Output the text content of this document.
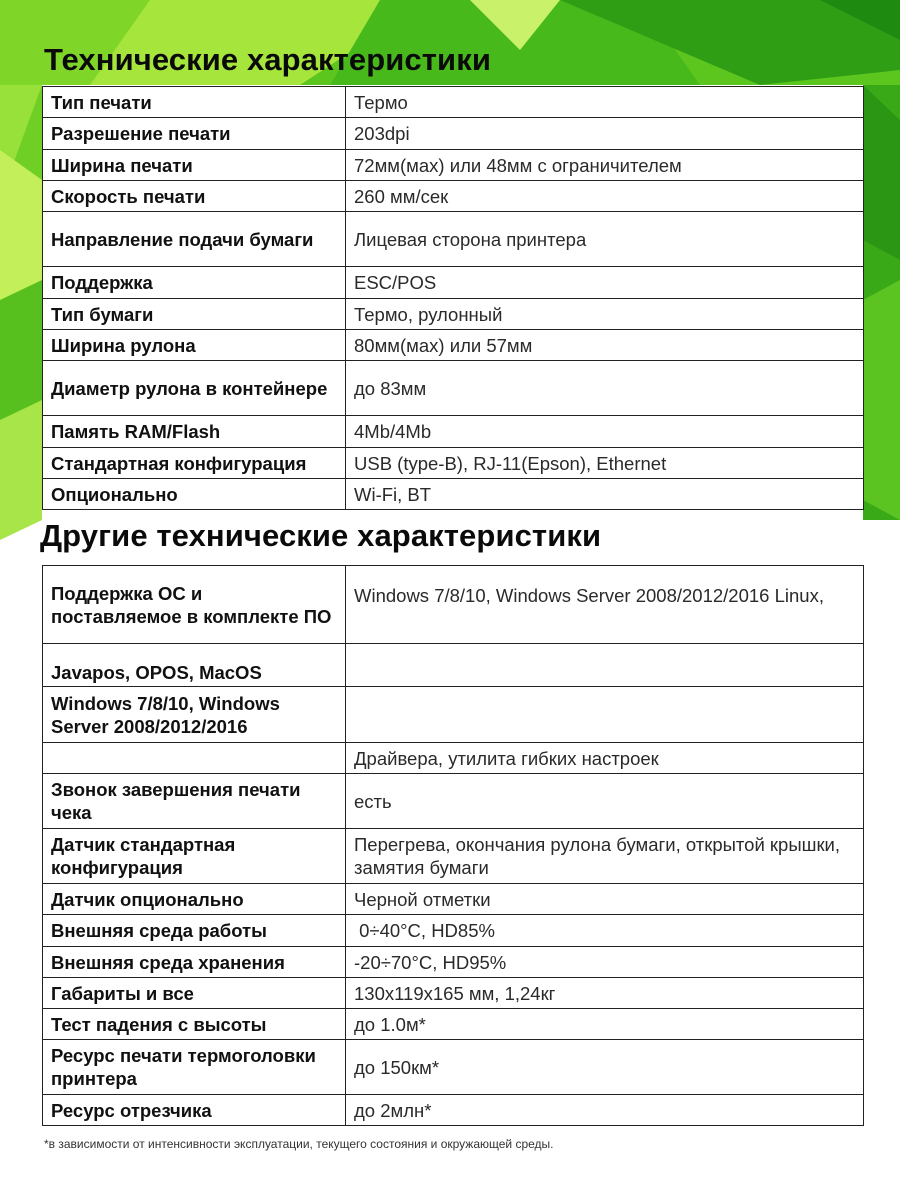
Технические характеристики
Тип печати	Термо
Разрешение печати	203dpi
Ширина печати	72мм(мах) или 48мм с ограничителем
Скорость печати	260 мм/сек
Направление подачи бумаги	Лицевая сторона принтера
Поддержка	ESC/POS
Тип бумаги	Термо, рулонный
Ширина рулона	80мм(мах) или 57мм
Диаметр рулона в контейнере	до 83мм
Память RAM/Flash	4Mb/4Mb
Стандартная конфигурация	USB (type-B), RJ-11(Epson), Ethernet
Опционально	Wi-Fi, BT
Другие технические характеристики
Поддержка ОС и поставляемое в комплекте ПО	Windows 7/8/10, Windows Server 2008/2012/2016 Linux,
Javapos, OPOS, MacOS	
Windows 7/8/10, Windows Server 2008/2012/2016	
	Драйвера, утилита гибких настроек
Звонок завершения печати чека	есть
Датчик стандартная конфигурация	Перегрева, окончания рулона бумаги, открытой крышки, замятия бумаги
Датчик опционально	Черной отметки
Внешняя среда работы	0÷40°C, HD85%
Внешняя среда хранения	-20÷70°C, HD95%
Габариты и все	130x119x165 мм, 1,24кг
Тест падения с высоты	до 1.0м*
Ресурс печати термоголовки принтера	до 150км*
Ресурс отрезчика	до 2млн*
*в зависимости от интенсивности эксплуатации, текущего состояния и окружающей среды.
